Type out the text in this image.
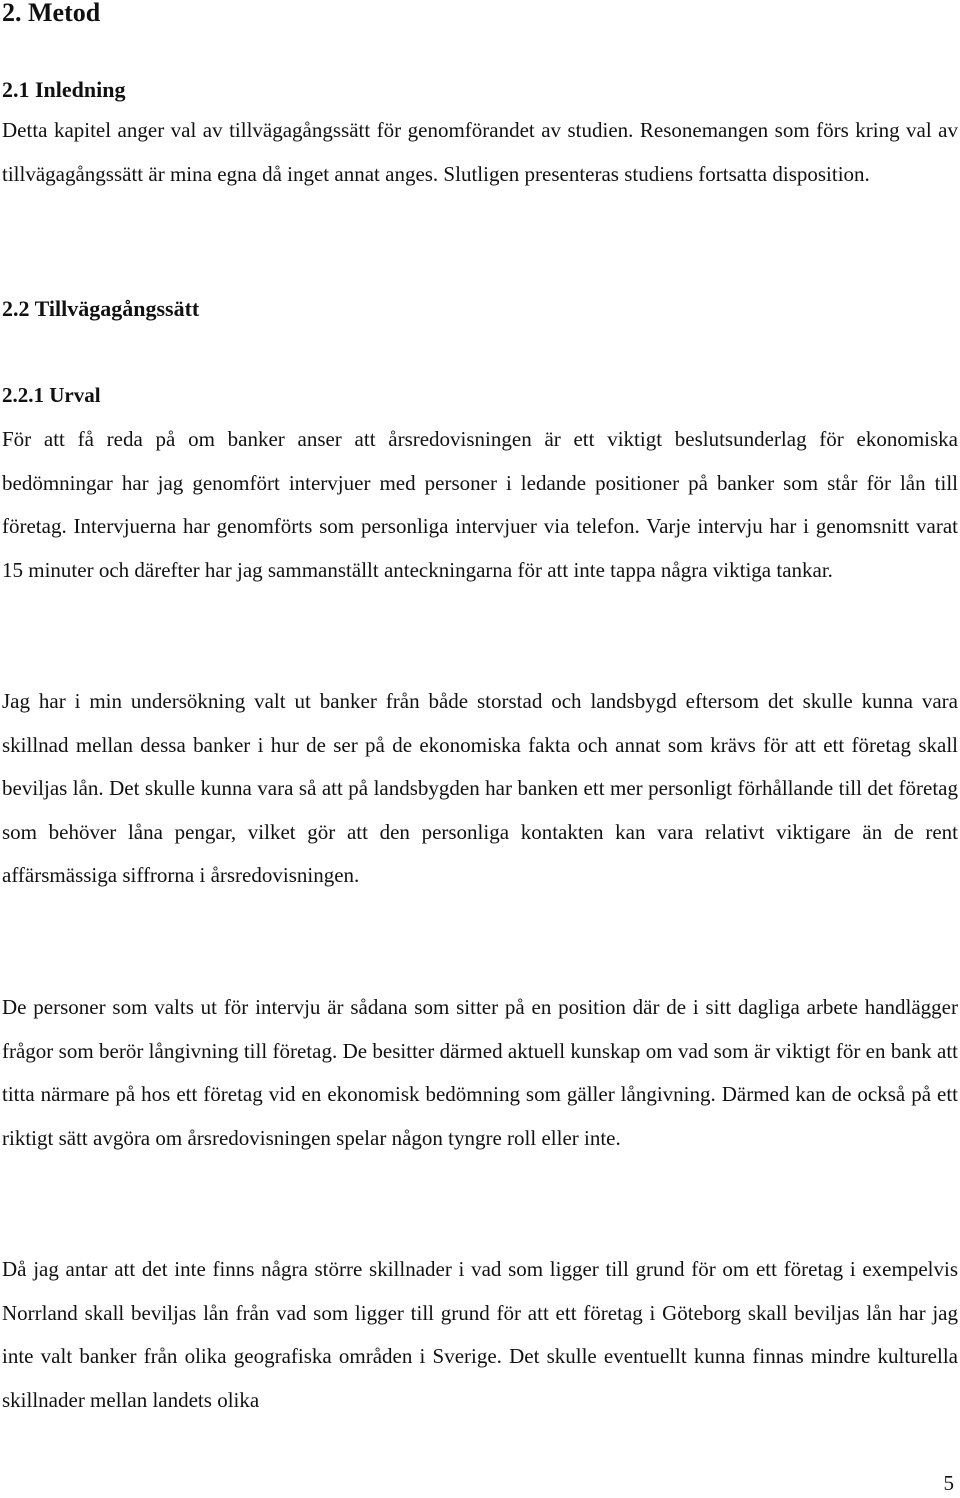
2. Metod
2.1 Inledning

Detta kapitel anger val av tillvägagångssätt för genomförandet av studien. Resonemangen som förs kring val av tillvägagångssätt är mina egna då inget annat anges. Slutligen presenteras studiens fortsatta disposition.

2.2 Tillvägagångssätt
2.2.1 Urval

För att få reda på om banker anser att årsredovisningen är ett viktigt beslutsunderlag för ekonomiska bedömningar har jag genomfört intervjuer med personer i ledande positioner på banker som står för lån till företag. Intervjuerna har genomförts som personliga intervjuer via telefon. Varje intervju har i genomsnitt varat 15 minuter och därefter har jag sammanställt anteckningarna för att inte tappa några viktiga tankar.

Jag har i min undersökning valt ut banker från både storstad och landsbygd eftersom det skulle kunna vara skillnad mellan dessa banker i hur de ser på de ekonomiska fakta och annat som krävs för att ett företag skall beviljas lån. Det skulle kunna vara så att på landsbygden har banken ett mer personligt förhållande till det företag som behöver låna pengar, vilket gör att den personliga kontakten kan vara relativt viktigare än de rent affärsmässiga siffrorna i årsredovisningen.

De personer som valts ut för intervju är sådana som sitter på en position där de i sitt dagliga arbete handlägger frågor som berör långivning till företag. De besitter därmed aktuell kunskap om vad som är viktigt för en bank att titta närmare på hos ett företag vid en ekonomisk bedömning som gäller långivning. Därmed kan de också på ett riktigt sätt avgöra om årsredovisningen spelar någon tyngre roll eller inte.

Då jag antar att det inte finns några större skillnader i vad som ligger till grund för om ett företag i exempelvis Norrland skall beviljas lån från vad som ligger till grund för att ett företag i Göteborg skall beviljas lån har jag inte valt banker från olika geografiska områden i Sverige. Det skulle eventuellt kunna finnas mindre kulturella skillnader mellan landets olika

5
